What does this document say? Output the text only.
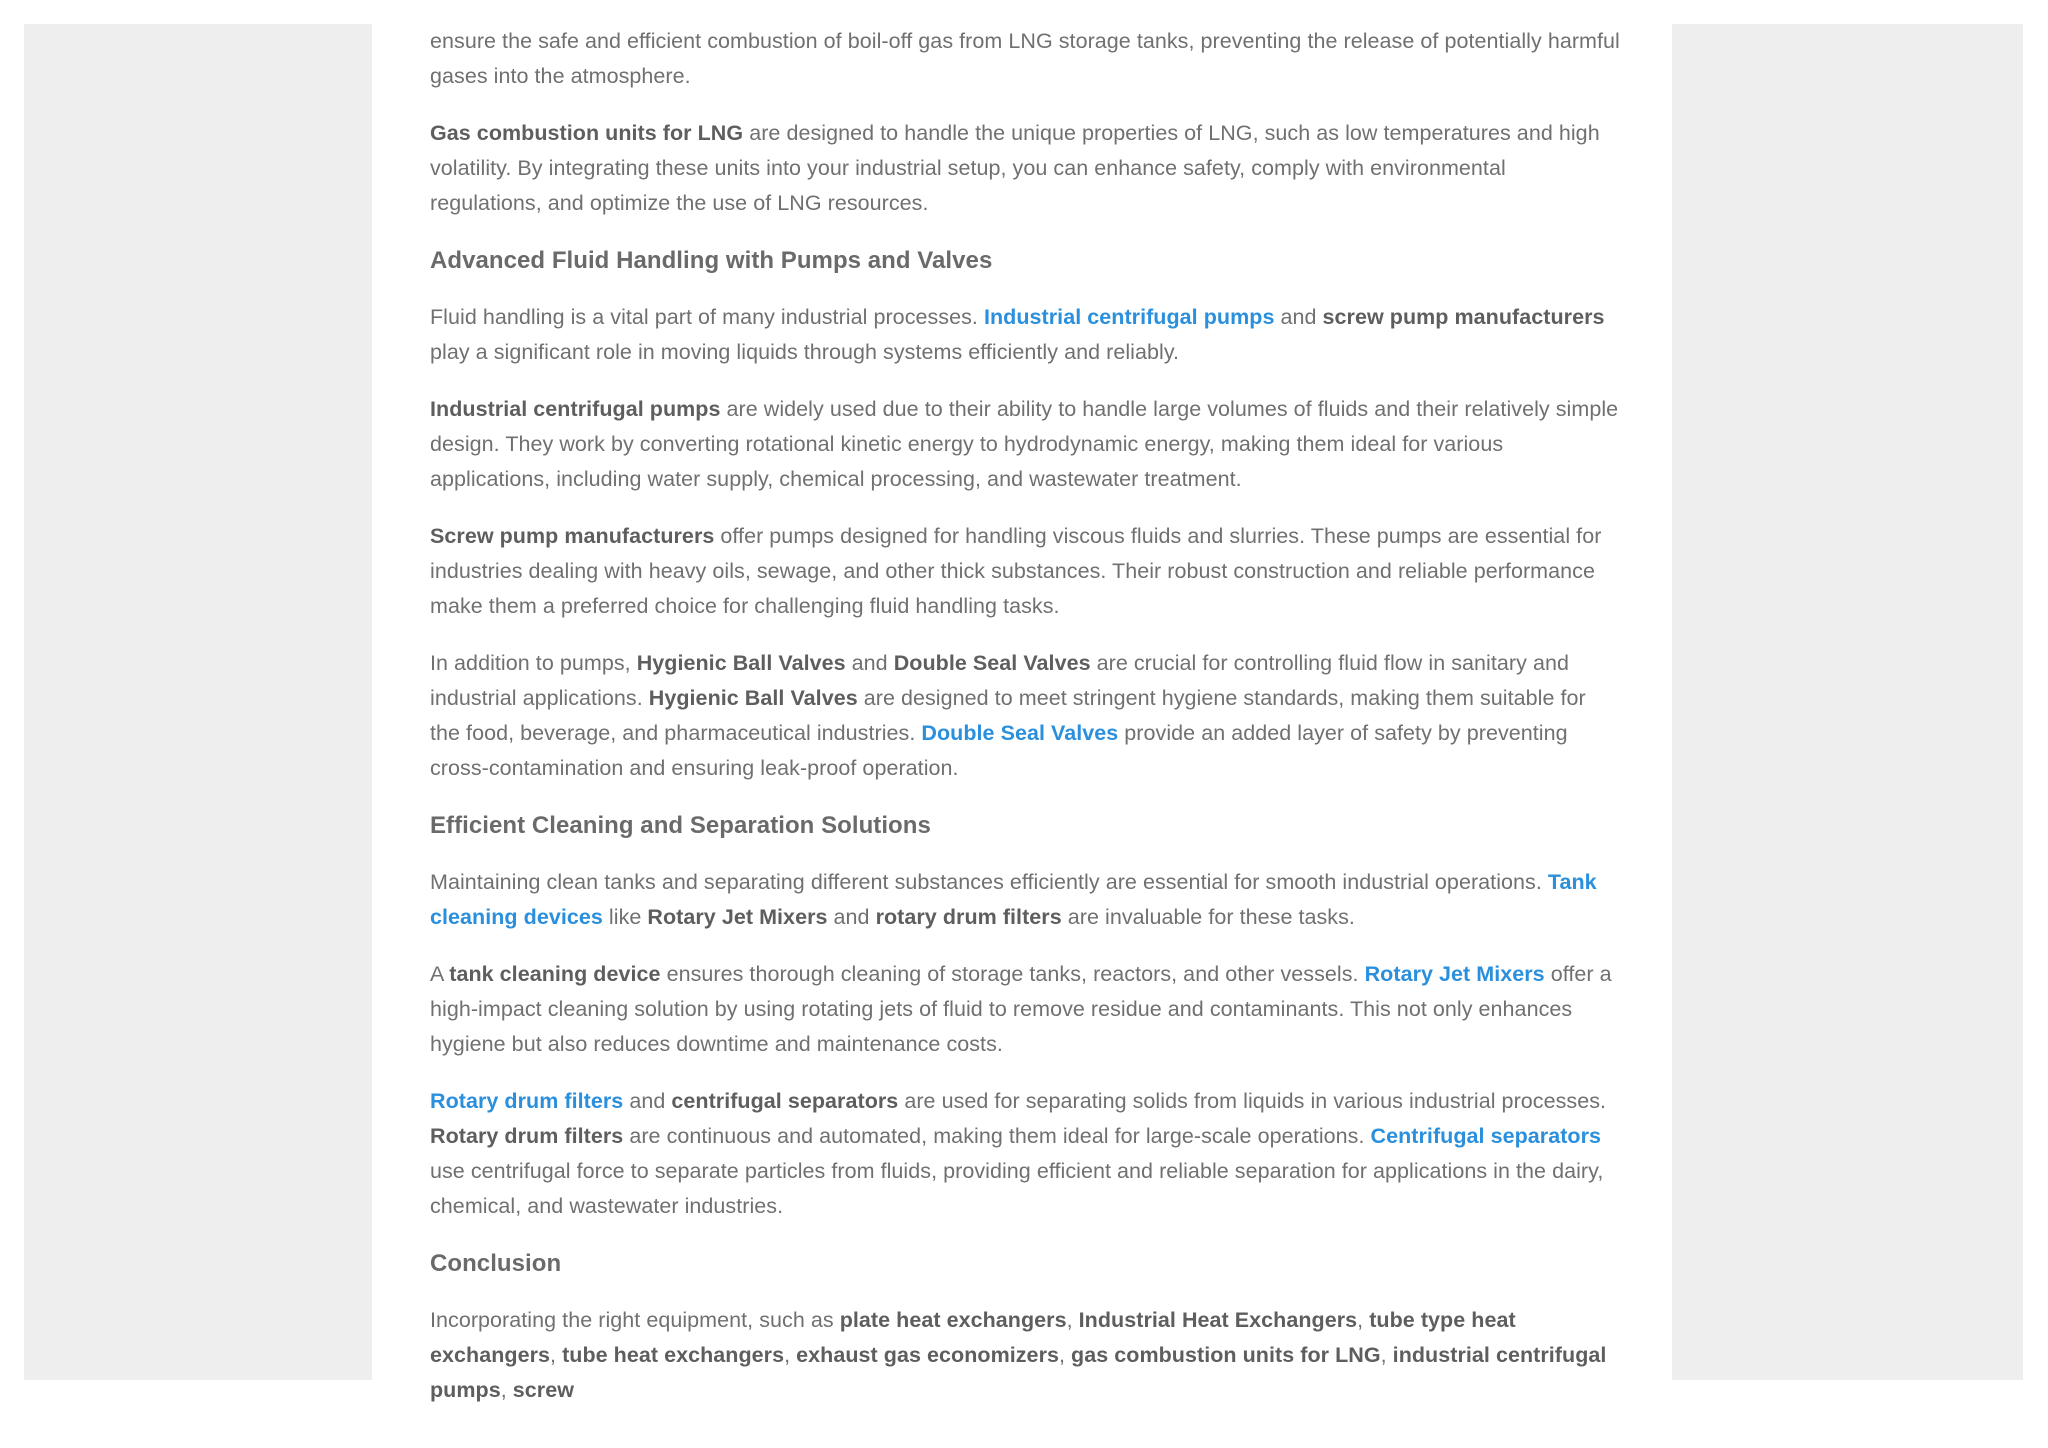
ensure the safe and efficient combustion of boil-off gas from LNG storage tanks, preventing the release of potentially harmful gases into the atmosphere.

Gas combustion units for LNG are designed to handle the unique properties of LNG, such as low temperatures and high volatility. By integrating these units into your industrial setup, you can enhance safety, comply with environmental regulations, and optimize the use of LNG resources.

Advanced Fluid Handling with Pumps and Valves

Fluid handling is a vital part of many industrial processes. Industrial centrifugal pumps and screw pump manufacturers play a significant role in moving liquids through systems efficiently and reliably.

Industrial centrifugal pumps are widely used due to their ability to handle large volumes of fluids and their relatively simple design. They work by converting rotational kinetic energy to hydrodynamic energy, making them ideal for various applications, including water supply, chemical processing, and wastewater treatment.

Screw pump manufacturers offer pumps designed for handling viscous fluids and slurries. These pumps are essential for industries dealing with heavy oils, sewage, and other thick substances. Their robust construction and reliable performance make them a preferred choice for challenging fluid handling tasks.

In addition to pumps, Hygienic Ball Valves and Double Seal Valves are crucial for controlling fluid flow in sanitary and industrial applications. Hygienic Ball Valves are designed to meet stringent hygiene standards, making them suitable for the food, beverage, and pharmaceutical industries. Double Seal Valves provide an added layer of safety by preventing cross-contamination and ensuring leak-proof operation.

Efficient Cleaning and Separation Solutions

Maintaining clean tanks and separating different substances efficiently are essential for smooth industrial operations. Tank cleaning devices like Rotary Jet Mixers and rotary drum filters are invaluable for these tasks.

A tank cleaning device ensures thorough cleaning of storage tanks, reactors, and other vessels. Rotary Jet Mixers offer a high-impact cleaning solution by using rotating jets of fluid to remove residue and contaminants. This not only enhances hygiene but also reduces downtime and maintenance costs.

Rotary drum filters and centrifugal separators are used for separating solids from liquids in various industrial processes. Rotary drum filters are continuous and automated, making them ideal for large-scale operations. Centrifugal separators use centrifugal force to separate particles from fluids, providing efficient and reliable separation for applications in the dairy, chemical, and wastewater industries.

Conclusion

Incorporating the right equipment, such as plate heat exchangers, Industrial Heat Exchangers, tube type heat exchangers, tube heat exchangers, exhaust gas economizers, gas combustion units for LNG, industrial centrifugal pumps, screw
